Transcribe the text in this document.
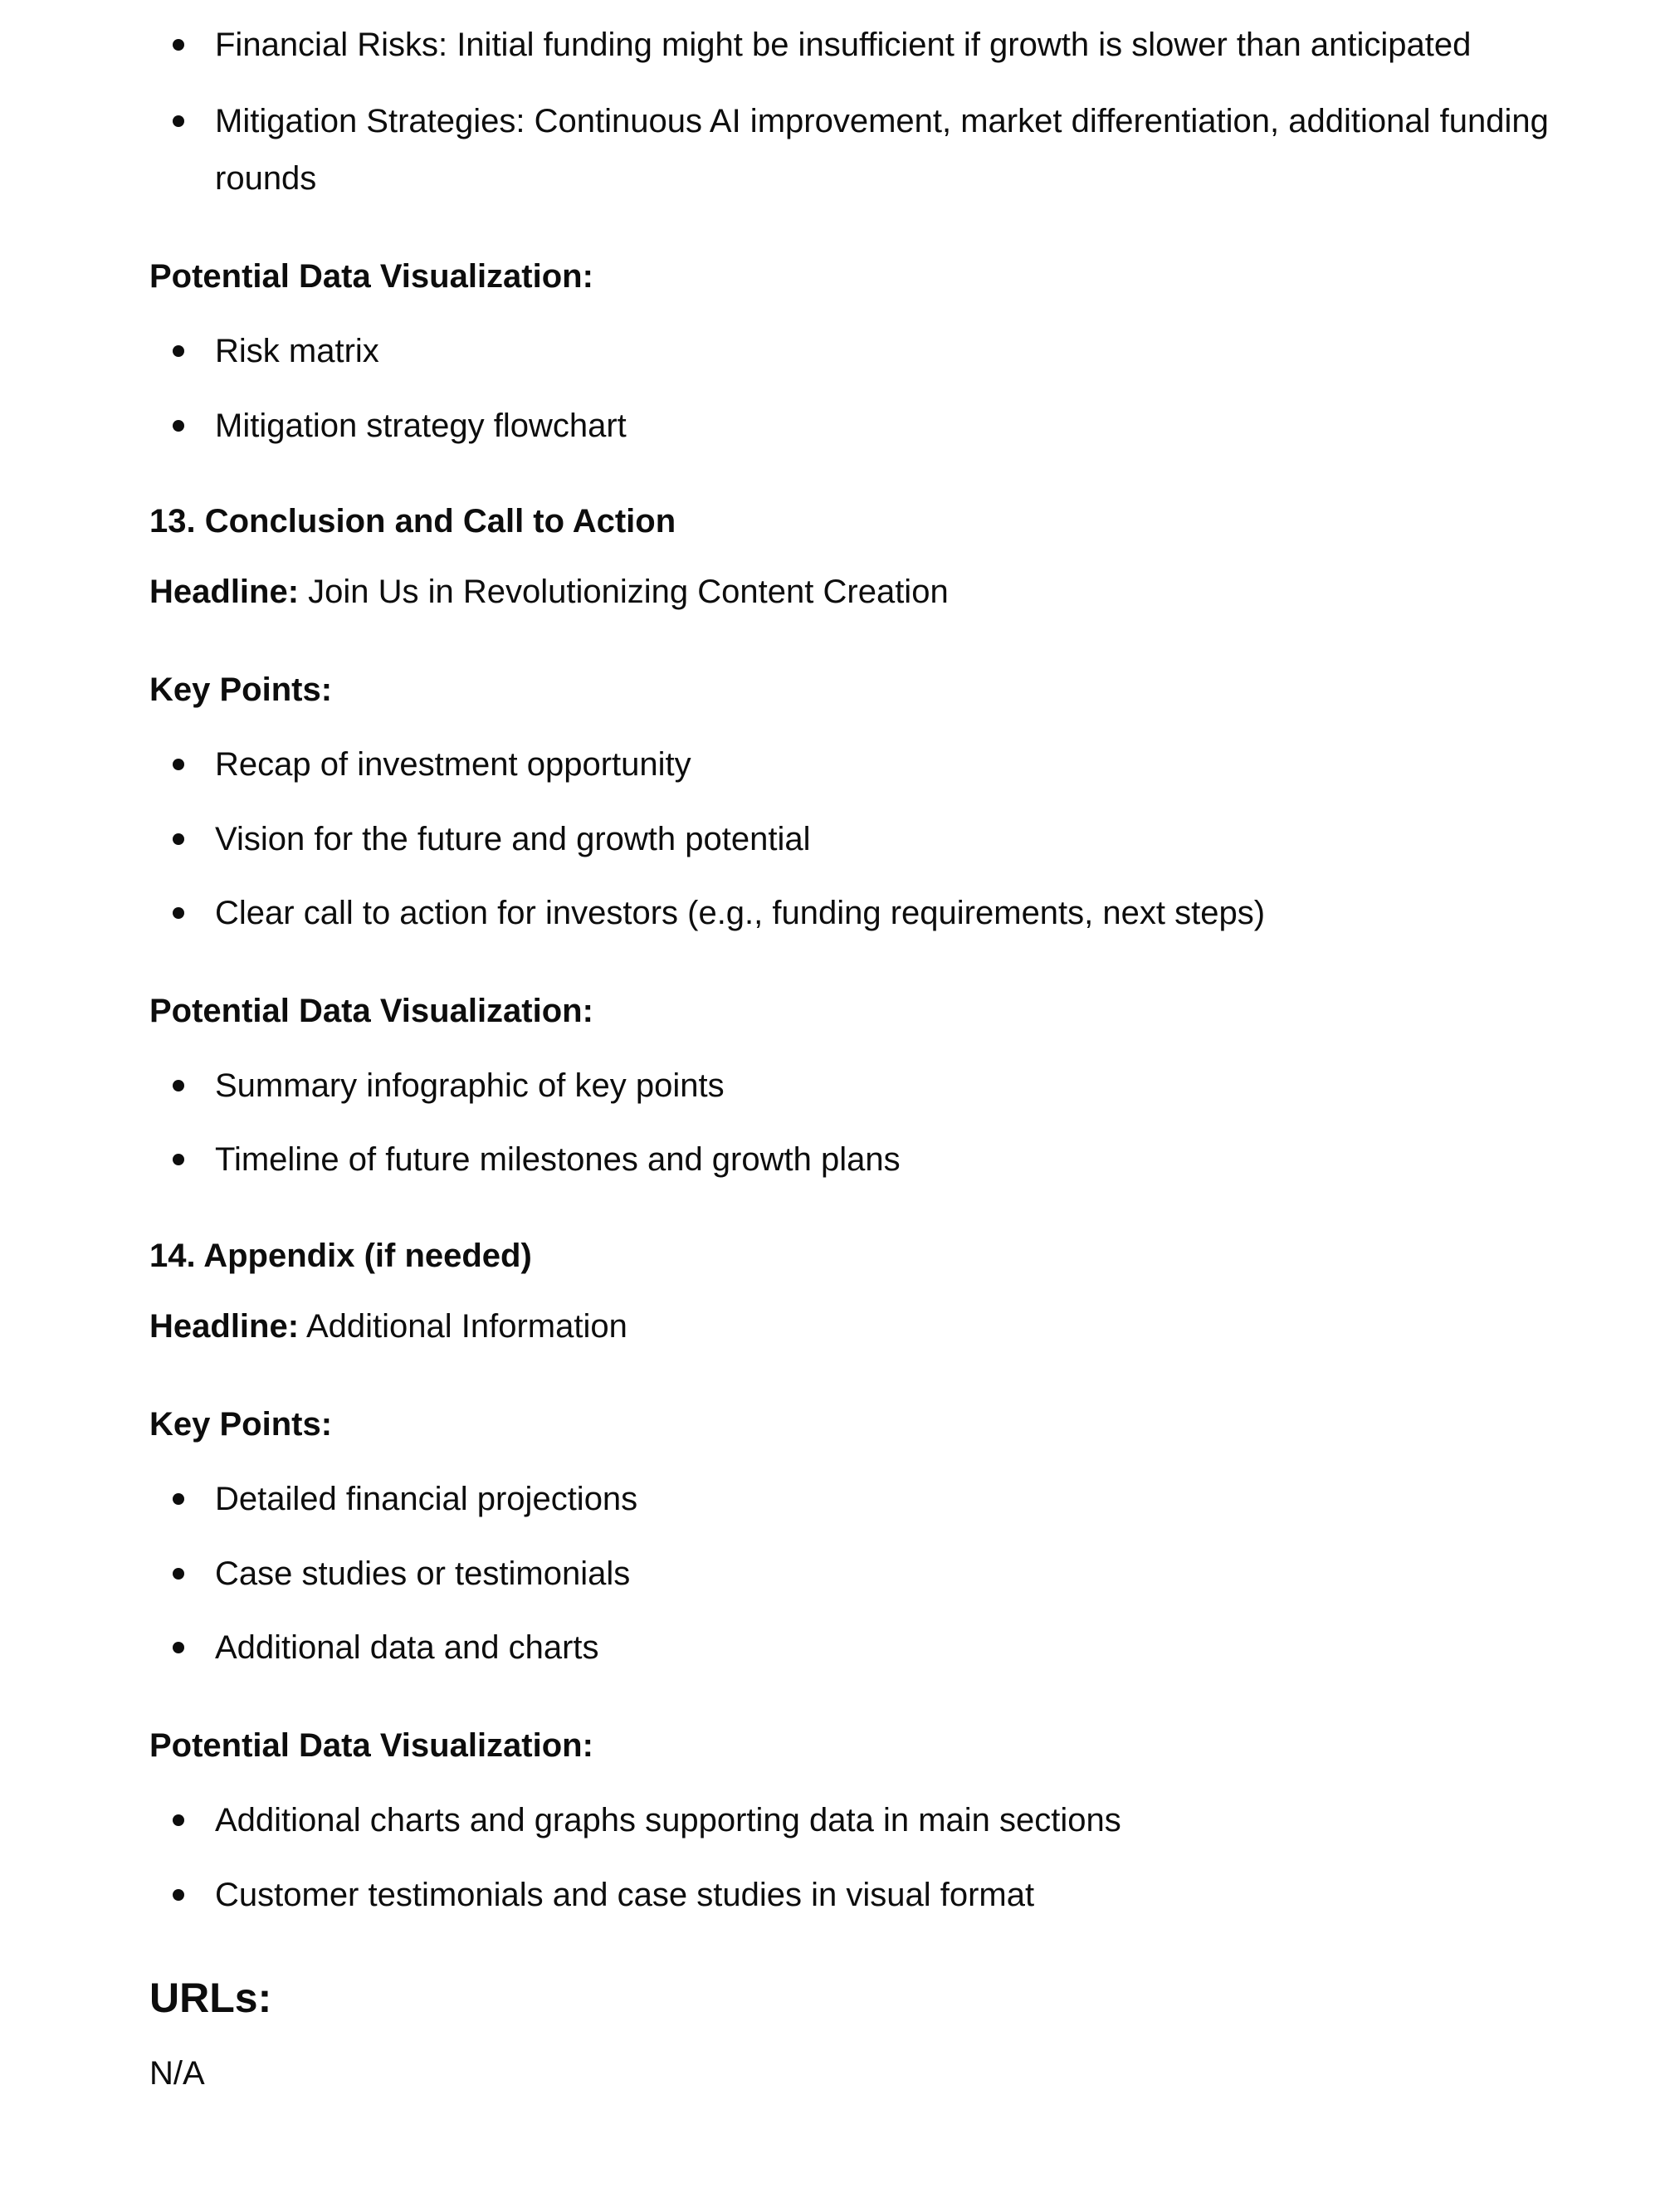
Financial Risks: Initial funding might be insufficient if growth is slower than anticipated
Mitigation Strategies: Continuous AI improvement, market differentiation, additional funding rounds
Potential Data Visualization:
Risk matrix
Mitigation strategy flowchart
13. Conclusion and Call to Action
Headline: Join Us in Revolutionizing Content Creation
Key Points:
Recap of investment opportunity
Vision for the future and growth potential
Clear call to action for investors (e.g., funding requirements, next steps)
Potential Data Visualization:
Summary infographic of key points
Timeline of future milestones and growth plans
14. Appendix (if needed)
Headline: Additional Information
Key Points:
Detailed financial projections
Case studies or testimonials
Additional data and charts
Potential Data Visualization:
Additional charts and graphs supporting data in main sections
Customer testimonials and case studies in visual format
URLs:
N/A
